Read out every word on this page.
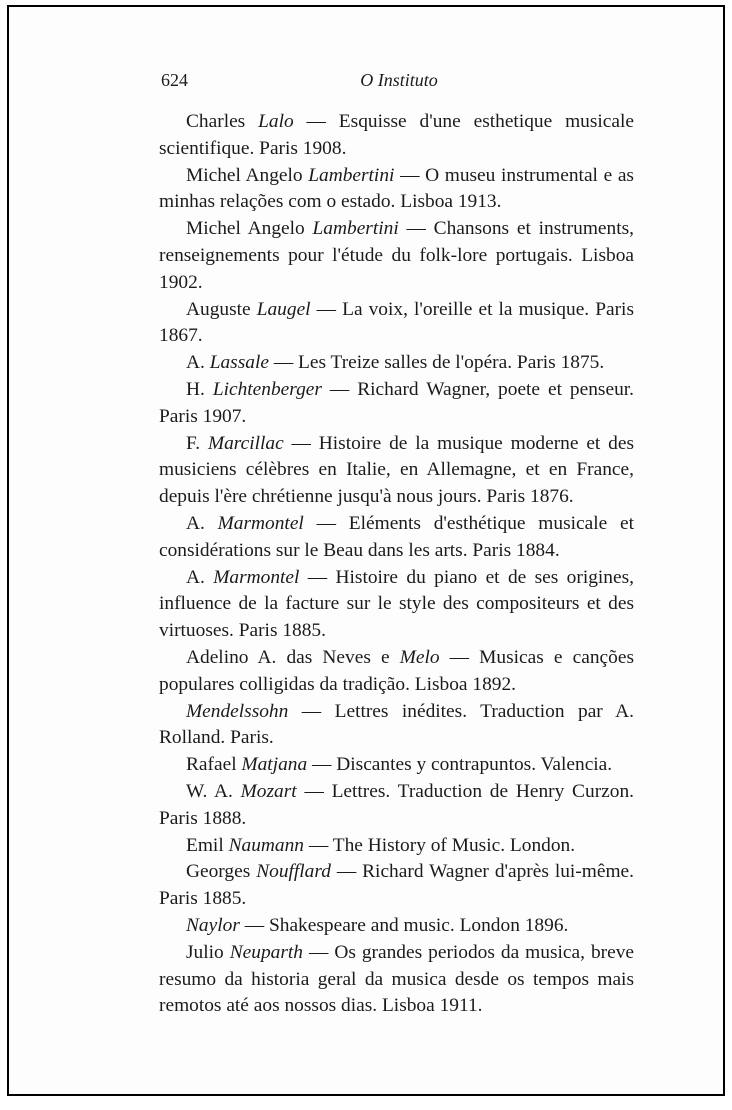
624	O Instituto

Charles Lalo — Esquisse d'une esthetique musicale scientifique. Paris 1908.

Michel Angelo Lambertini — O museu instrumental e as minhas relações com o estado. Lisboa 1913.

Michel Angelo Lambertini — Chansons et instruments, renseignements pour l'étude du folk-lore portugais. Lisboa 1902.

Auguste Laugel — La voix, l'oreille et la musique. Paris 1867.

A. Lassale — Les Treize salles de l'opéra. Paris 1875.

H. Lichtenberger — Richard Wagner, poete et penseur. Paris 1907.

F. Marcillac — Histoire de la musique moderne et des musiciens célèbres en Italie, en Allemagne, et en France, depuis l'ère chrétienne jusqu'à nous jours. Paris 1876.

A. Marmontel — Eléments d'esthétique musicale et considérations sur le Beau dans les arts. Paris 1884.

A. Marmontel — Histoire du piano et de ses origines, influence de la facture sur le style des compositeurs et des virtuoses. Paris 1885.

Adelino A. das Neves e Melo — Musicas e canções populares colligidas da tradição. Lisboa 1892.

Mendelssohn — Lettres inédites. Traduction par A. Rolland. Paris.

Rafael Matjana — Discantes y contrapuntos. Valencia.

W. A. Mozart — Lettres. Traduction de Henry Curzon. Paris 1888.

Emil Naumann — The History of Music. London.

Georges Noufflard — Richard Wagner d'après lui-même. Paris 1885.

Naylor — Shakespeare and music. London 1896.

Julio Neuparth — Os grandes periodos da musica, breve resumo da historia geral da musica desde os tempos mais remotos até aos nossos dias. Lisboa 1911.
